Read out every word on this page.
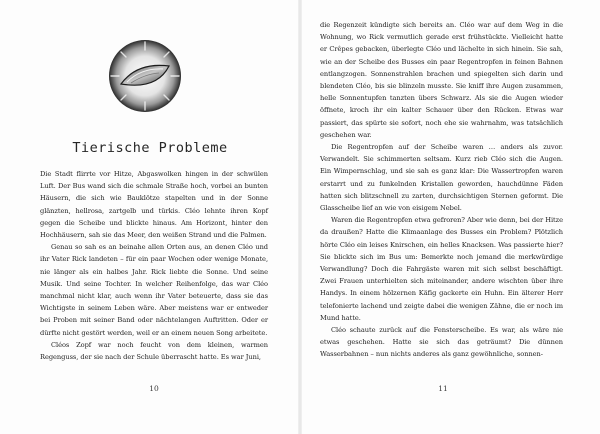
Tierische Probleme

Die Stadt flirrte vor Hitze, Abgaswolken hingen in der schwülen Luft. Der Bus wand sich die schmale Straße hoch, vorbei an bunten Häusern, die sich wie Bauklötze stapelten und in der Sonne glänzten, hellrosa, zartgelb und türkis. Cléo lehnte ihren Kopf gegen die Scheibe und blickte hinaus. Am Horizont, hinter den Hochhäusern, sah sie das Meer, den weißen Strand und die Palmen.

Genau so sah es an beinahe allen Orten aus, an denen Cléo und ihr Vater Rick landeten – für ein paar Wochen oder wenige Monate, nie länger als ein halbes Jahr. Rick liebte die Sonne. Und seine Musik. Und seine Tochter. In welcher Reihenfolge, das war Cléo manchmal nicht klar, auch wenn ihr Vater beteuerte, dass sie das Wichtigste in seinem Leben wäre. Aber meistens war er entweder bei Proben mit seiner Band oder nächtelangen Auftritten. Oder er dürfte nicht gestört werden, weil er an einem neuen Song arbeitete.

Cléos Zopf war noch feucht von dem kleinen, warmen Regenguss, der sie nach der Schule überrascht hatte. Es war Juni,

10

die Regenzeit kündigte sich bereits an. Cléo war auf dem Weg in die Wohnung, wo Rick vermutlich gerade erst frühstückte. Vielleicht hatte er Crêpes gebacken, überlegte Cléo und lächelte in sich hinein. Sie sah, wie an der Scheibe des Busses ein paar Regentropfen in feinen Bahnen entlangzogen. Sonnenstrahlen brachen und spiegelten sich darin und blendeten Cléo, bis sie blinzeln musste. Sie kniff ihre Augen zusammen, helle Sonnentupfen tanzten übers Schwarz. Als sie die Augen wieder öffnete, kroch ihr ein kalter Schauer über den Rücken. Etwas war passiert, das spürte sie sofort, noch ehe sie wahrnahm, was tatsächlich geschehen war.

Die Regentropfen auf der Scheibe waren … anders als zuvor. Verwandelt. Sie schimmerten seltsam. Kurz rieb Cléo sich die Augen. Ein Wimpernschlag, und sie sah es ganz klar: Die Wassertropfen waren erstarrt und zu funkelnden Kristallen geworden, hauchdünne Fäden hatten sich blitzschnell zu zarten, durchsichtigen Sternen geformt. Die Glasscheibe lief an wie von eisigem Nebel.

Waren die Regentropfen etwa gefroren? Aber wie denn, bei der Hitze da draußen? Hatte die Klimaanlage des Busses ein Problem? Plötzlich hörte Cléo ein leises Knirschen, ein helles Knacksen. Was passierte hier? Sie blickte sich im Bus um: Bemerkte noch jemand die merkwürdige Verwandlung? Doch die Fahrgäste waren mit sich selbst beschäftigt. Zwei Frauen unterhielten sich miteinander, andere wischten über ihre Handys. In einem hölzernen Käfig gackerte ein Huhn. Ein älterer Herr telefonierte lachend und zeigte dabei die wenigen Zähne, die er noch im Mund hatte.

Cléo schaute zurück auf die Fensterscheibe. Es war, als wäre nie etwas geschehen. Hatte sie sich das geträumt? Die dünnen Wasserbahnen – nun nichts anderes als ganz gewöhnliche, sonnen-

11
